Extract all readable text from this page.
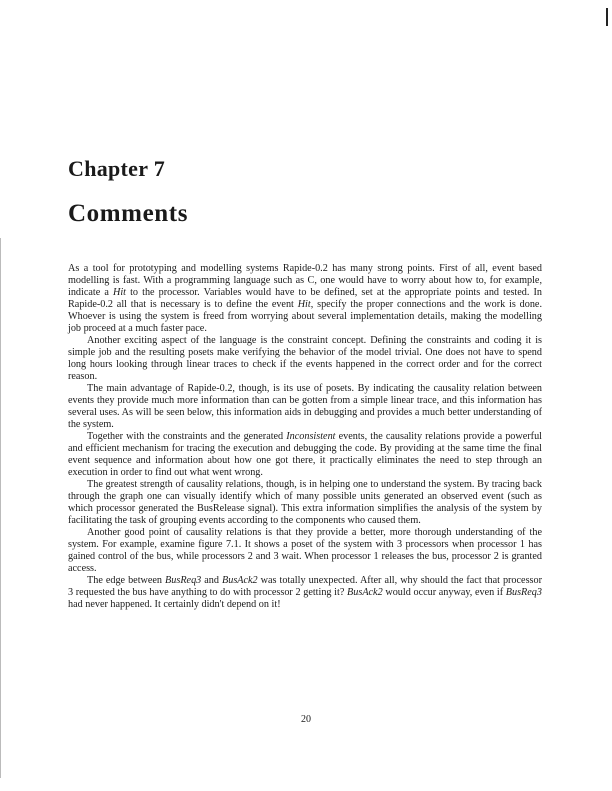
Chapter 7
Comments

As a tool for prototyping and modelling systems Rapide-0.2 has many strong points. First of all, event based modelling is fast. With a programming language such as C, one would have to worry about how to, for example, indicate a Hit to the processor. Variables would have to be defined, set at the appropriate points and tested. In Rapide-0.2 all that is necessary is to define the event Hit, specify the proper connections and the work is done. Whoever is using the system is freed from worrying about several implementation details, making the modelling job proceed at a much faster pace.

Another exciting aspect of the language is the constraint concept. Defining the constraints and coding it is simple job and the resulting posets make verifying the behavior of the model trivial. One does not have to spend long hours looking through linear traces to check if the events happened in the correct order and for the correct reason.

The main advantage of Rapide-0.2, though, is its use of posets. By indicating the causality relation between events they provide much more information than can be gotten from a simple linear trace, and this information has several uses. As will be seen below, this information aids in debugging and provides a much better understanding of the system.

Together with the constraints and the generated Inconsistent events, the causality relations provide a powerful and efficient mechanism for tracing the execution and debugging the code. By providing at the same time the final event sequence and information about how one got there, it practically eliminates the need to step through an execution in order to find out what went wrong.

The greatest strength of causality relations, though, is in helping one to understand the system. By tracing back through the graph one can visually identify which of many possible units generated an observed event (such as which processor generated the BusRelease signal). This extra information simplifies the analysis of the system by facilitating the task of grouping events according to the components who caused them.

Another good point of causality relations is that they provide a better, more thorough understanding of the system. For example, examine figure 7.1. It shows a poset of the system with 3 processors when processor 1 has gained control of the bus, while processors 2 and 3 wait. When processor 1 releases the bus, processor 2 is granted access.

The edge between BusReq3 and BusAck2 was totally unexpected. After all, why should the fact that processor 3 requested the bus have anything to do with processor 2 getting it? BusAck2 would occur anyway, even if BusReq3 had never happened. It certainly didn't depend on it!

20
